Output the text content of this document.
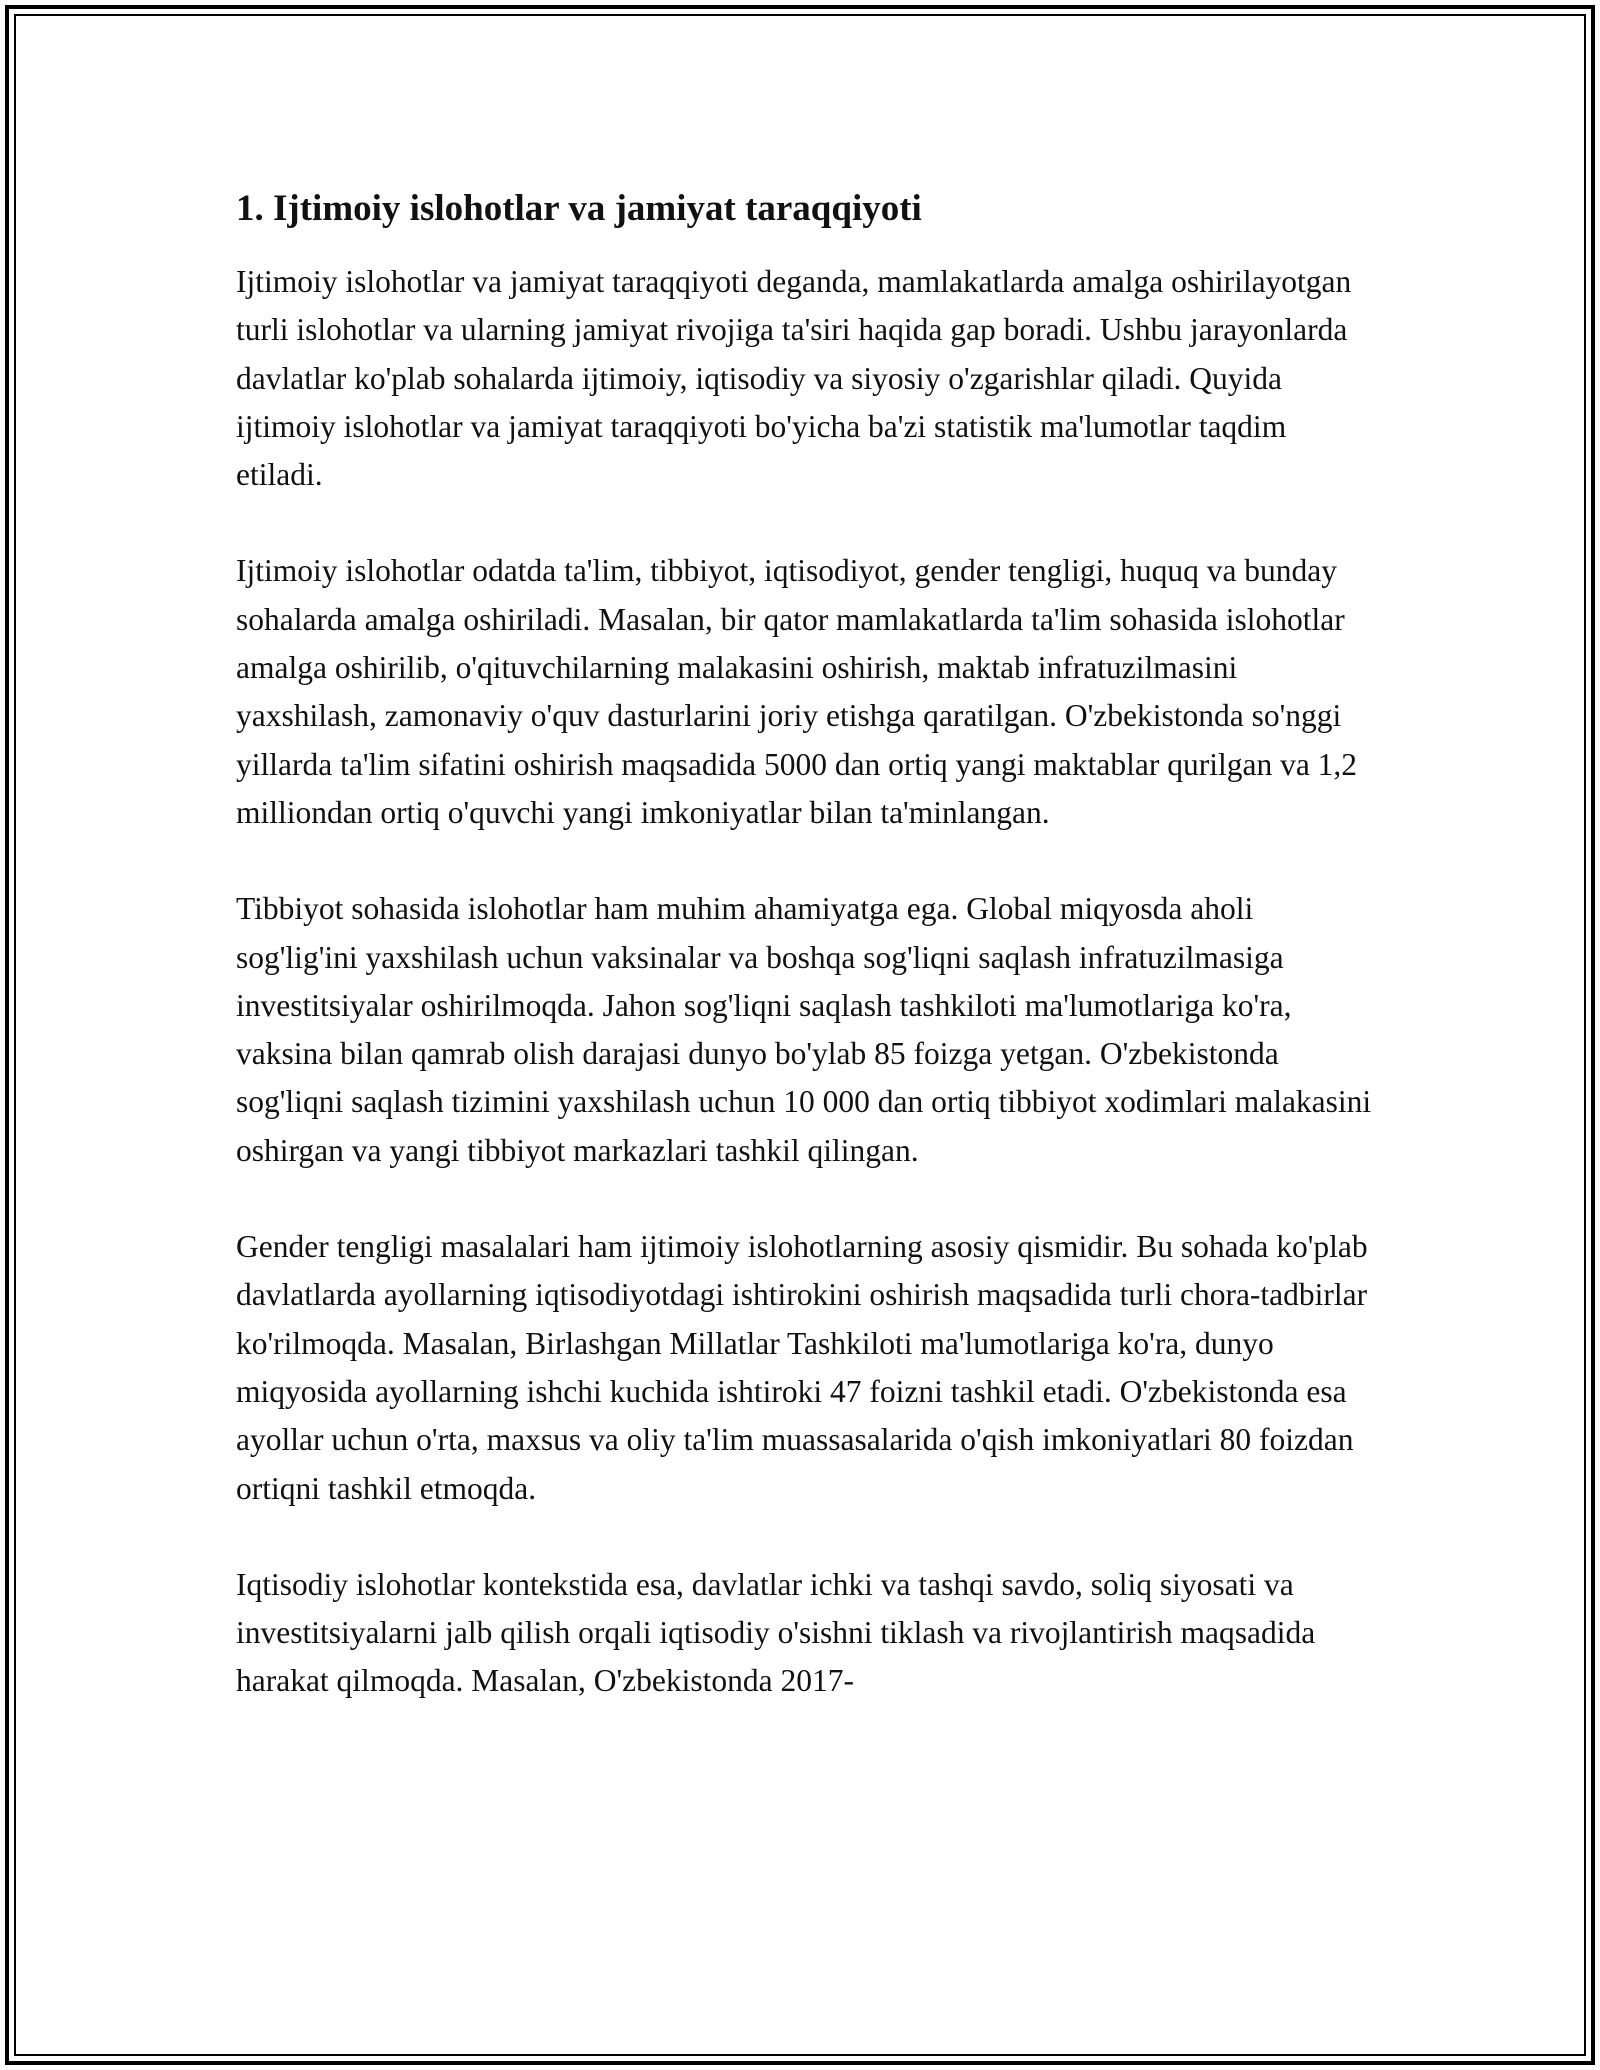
1. Ijtimoiy islohotlar va jamiyat taraqqiyoti

Ijtimoiy islohotlar va jamiyat taraqqiyoti deganda, mamlakatlarda amalga oshirilayotgan turli islohotlar va ularning jamiyat rivojiga ta'siri haqida gap boradi. Ushbu jarayonlarda davlatlar ko'plab sohalarda ijtimoiy, iqtisodiy va siyosiy o'zgarishlar qiladi. Quyida ijtimoiy islohotlar va jamiyat taraqqiyoti bo'yicha ba'zi statistik ma'lumotlar taqdim etiladi.

Ijtimoiy islohotlar odatda ta'lim, tibbiyot, iqtisodiyot, gender tengligi, huquq va bunday sohalarda amalga oshiriladi. Masalan, bir qator mamlakatlarda ta'lim sohasida islohotlar amalga oshirilib, o'qituvchilarning malakasini oshirish, maktab infratuzilmasini yaxshilash, zamonaviy o'quv dasturlarini joriy etishga qaratilgan. O'zbekistonda so'nggi yillarda ta'lim sifatini oshirish maqsadida 5000 dan ortiq yangi maktablar qurilgan va 1,2 milliondan ortiq o'quvchi yangi imkoniyatlar bilan ta'minlangan.

Tibbiyot sohasida islohotlar ham muhim ahamiyatga ega. Global miqyosda aholi sog'lig'ini yaxshilash uchun vaksinalar va boshqa sog'liqni saqlash infratuzilmasiga investitsiyalar oshirilmoqda. Jahon sog'liqni saqlash tashkiloti ma'lumotlariga ko'ra, vaksina bilan qamrab olish darajasi dunyo bo'ylab 85 foizga yetgan. O'zbekistonda sog'liqni saqlash tizimini yaxshilash uchun 10 000 dan ortiq tibbiyot xodimlari malakasini oshirgan va yangi tibbiyot markazlari tashkil qilingan.

Gender tengligi masalalari ham ijtimoiy islohotlarning asosiy qismidir. Bu sohada ko'plab davlatlarda ayollarning iqtisodiyotdagi ishtirokini oshirish maqsadida turli chora-tadbirlar ko'rilmoqda. Masalan, Birlashgan Millatlar Tashkiloti ma'lumotlariga ko'ra, dunyo miqyosida ayollarning ishchi kuchida ishtiroki 47 foizni tashkil etadi. O'zbekistonda esa ayollar uchun o'rta, maxsus va oliy ta'lim muassasalarida o'qish imkoniyatlari 80 foizdan ortiqni tashkil etmoqda.

Iqtisodiy islohotlar kontekstida esa, davlatlar ichki va tashqi savdo, soliq siyosati va investitsiyalarni jalb qilish orqali iqtisodiy o'sishni tiklash va rivojlantirish maqsadida harakat qilmoqda. Masalan, O'zbekistonda 2017-
